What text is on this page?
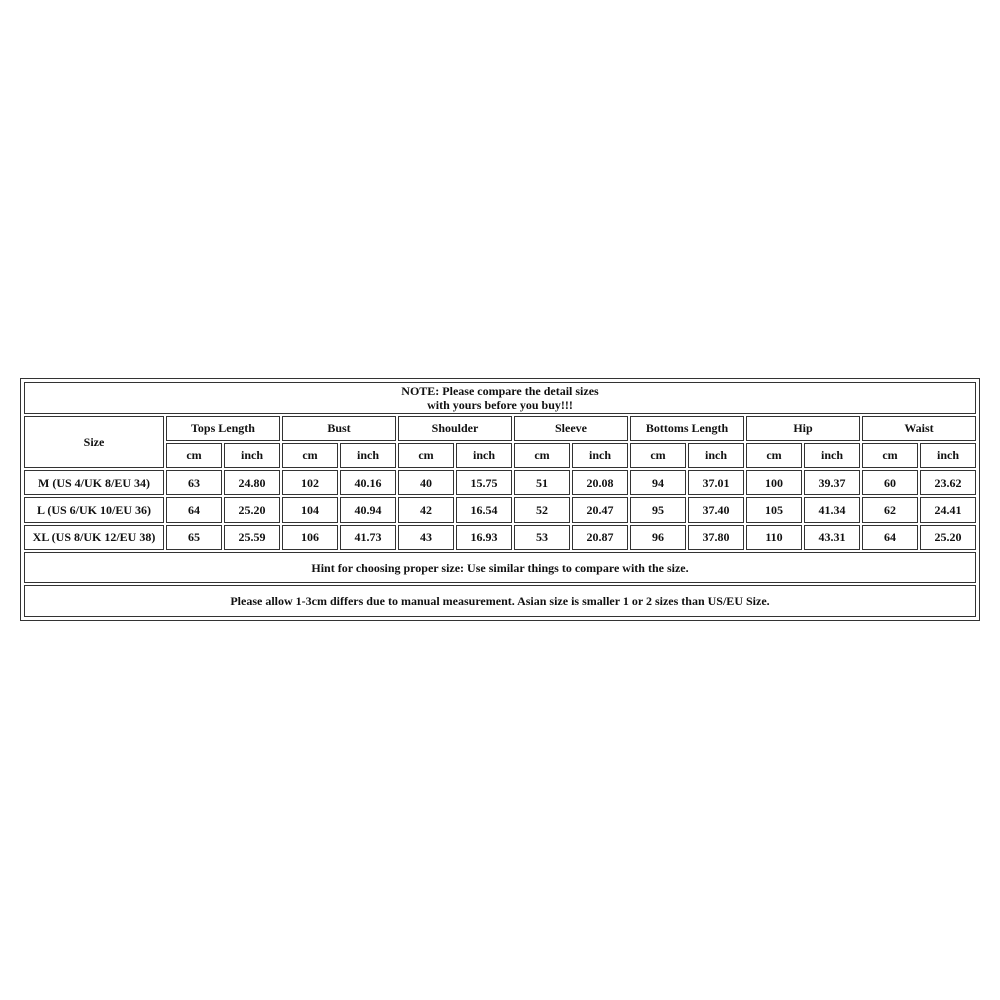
NOTE: Please compare the detail sizes
with yours before you buy!!!														

Size	Tops Length		Bust		Shoulder		Sleeve		Bottoms Length		Hip		Waist	
	cm	inch	cm	inch	cm	inch	cm	inch	cm	inch	cm	inch	cm	inch
M (US 4/UK 8/EU 34)	63	24.80	102	40.16	40	15.75	51	20.08	94	37.01	100	39.37	60	23.62
L (US 6/UK 10/EU 36)	64	25.20	104	40.94	42	16.54	52	20.47	95	37.40	105	41.34	62	24.41
XL (US 8/UK 12/EU 38)	65	25.59	106	41.73	43	16.93	53	20.87	96	37.80	110	43.31	64	25.20
Hint for choosing proper size: Use similar things to compare with the size.														
Please allow 1-3cm differs due to manual measurement. Asian size is smaller 1 or 2 sizes than US/EU Size.														
